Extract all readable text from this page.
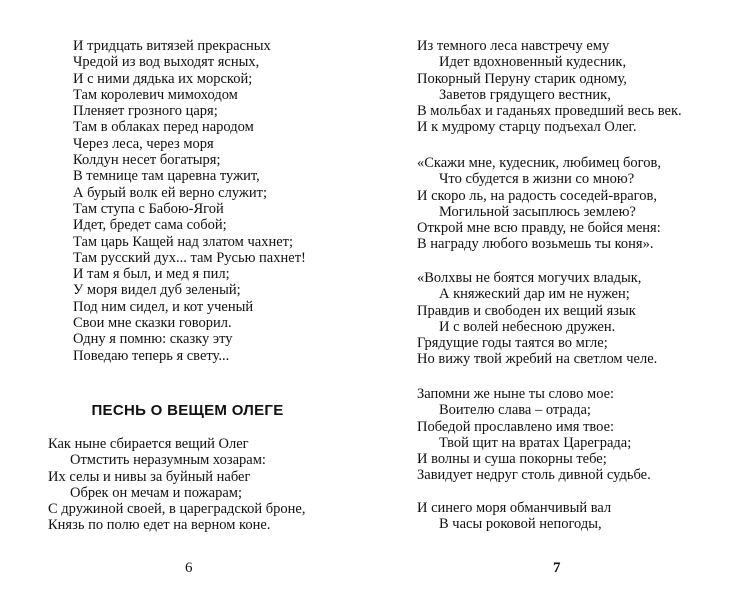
И тридцать витязей прекрасных
Чредой из вод выходят ясных,
И с ними дядька их морской;
Там королевич мимоходом
Пленяет грозного царя;
Там в облаках перед народом
Через леса, через моря
Колдун несет богатыря;
В темнице там царевна тужит,
А бурый волк ей верно служит;
Там ступа с Бабою-Ягой
Идет, бредет сама собой;
Там царь Кащей над златом чахнет;
Там русский дух... там Русью пахнет!
И там я был, и мед я пил;
У моря видел дуб зеленый;
Под ним сидел, и кот ученый
Свои мне сказки говорил.
Одну я помню: сказку эту
Поведаю теперь я свету...
ПЕСНЬ О ВЕЩЕМ ОЛЕГЕ
Как ныне сбирается вещий Олег
Отмстить неразумным хозарам:
Их селы и нивы за буйный набег
Обрек он мечам и пожарам;
С дружиной своей, в цареградской броне,
Князь по полю едет на верном коне.

6

Из темного леса навстречу ему
Идет вдохновенный кудесник,
Покорный Перуну старик одному,
Заветов грядущего вестник,
В мольбах и гаданьях проведший весь век.
И к мудрому старцу подъехал Олег.
«Скажи мне, кудесник, любимец богов,
Что сбудется в жизни со мною?
И скоро ль, на радость соседей-врагов,
Могильной засыплюсь землею?
Открой мне всю правду, не бойся меня:
В награду любого возьмешь ты коня».
«Волхвы не боятся могучих владык,
А княжеский дар им не нужен;
Правдив и свободен их вещий язык
И с волей небесною дружен.
Грядущие годы таятся во мгле;
Но вижу твой жребий на светлом челе.
Запомни же ныне ты слово мое:
Воителю слава – отрада;
Победой прославлено имя твое:
Твой щит на вратах Цареграда;
И волны и суша покорны тебе;
Завидует недруг столь дивной судьбе.
И синего моря обманчивый вал
В часы роковой непогоды,

7
